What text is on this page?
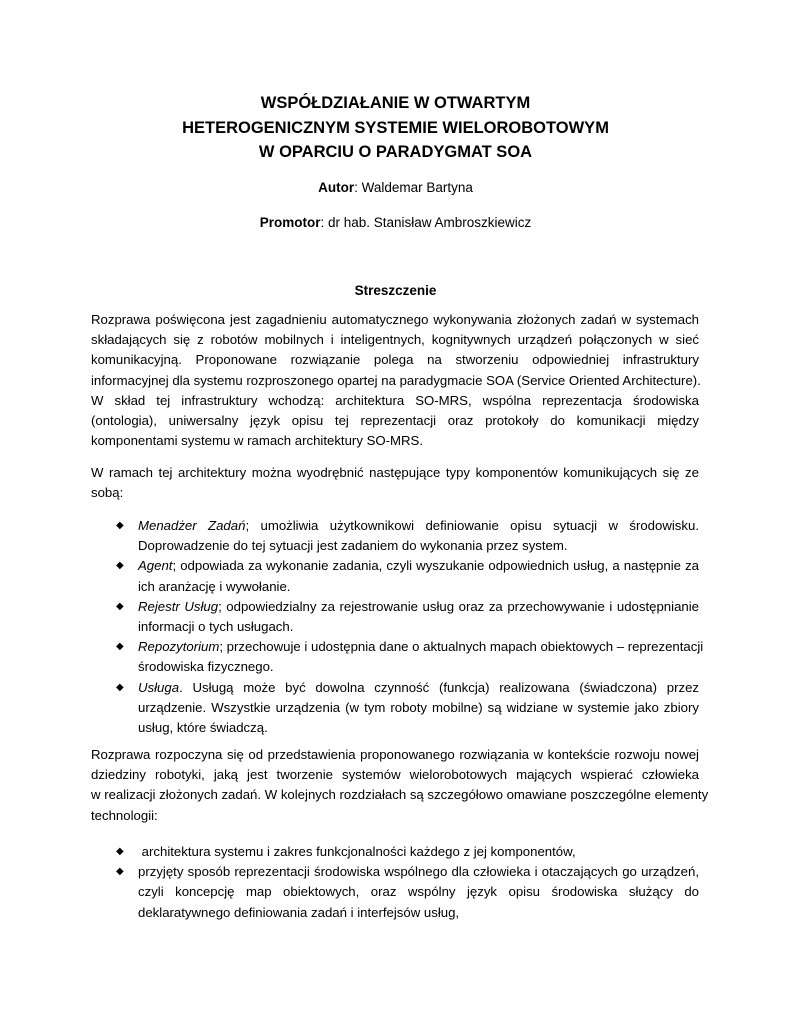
WSPÓŁDZIAŁANIE W OTWARTYM
HETEROGENICZNYM SYSTEMIE WIELOROBOTOWYM
W OPARCIU O PARADYGMAT SOA
Autor: Waldemar Bartyna
Promotor: dr hab. Stanisław Ambroszkiewicz
Streszczenie
Rozprawa poświęcona jest zagadnieniu automatycznego wykonywania złożonych zadań w systemach
składających się z robotów mobilnych i inteligentnych, kognitywnych urządzeń połączonych w sieć
komunikacyjną. Proponowane rozwiązanie polega na stworzeniu odpowiedniej infrastruktury
informacyjnej dla systemu rozproszonego opartej na paradygmacie SOA (Service Oriented Architecture).
W skład tej infrastruktury wchodzą: architektura SO-MRS, wspólna reprezentacja środowiska
(ontologia), uniwersalny język opisu tej reprezentacji oraz protokoły do komunikacji między
komponentami systemu w ramach architektury SO-MRS.
W ramach tej architektury można wyodrębnić następujące typy komponentów komunikujących się ze
sobą:
◆ Menadżer Zadań; umożliwia użytkownikowi definiowanie opisu sytuacji w środowisku.
Doprowadzenie do tej sytuacji jest zadaniem do wykonania przez system.
◆ Agent; odpowiada za wykonanie zadania, czyli wyszukanie odpowiednich usług, a następnie za
ich aranżację i wywołanie.
◆ Rejestr Usług; odpowiedzialny za rejestrowanie usług oraz za przechowywanie i udostępnianie
informacji o tych usługach.
◆ Repozytorium; przechowuje i udostępnia dane o aktualnych mapach obiektowych – reprezentacji
środowiska fizycznego.
◆ Usługa. Usługą może być dowolna czynność (funkcja) realizowana (świadczona) przez
urządzenie. Wszystkie urządzenia (w tym roboty mobilne) są widziane w systemie jako zbiory
usług, które świadczą.
Rozprawa rozpoczyna się od przedstawienia proponowanego rozwiązania w kontekście rozwoju nowej
dziedziny robotyki, jaką jest tworzenie systemów wielorobotowych mających wspierać człowieka
w realizacji złożonych zadań. W kolejnych rozdziałach są szczegółowo omawiane poszczególne elementy
technologii:
◆ architektura systemu i zakres funkcjonalności każdego z jej komponentów,
◆ przyjęty sposób reprezentacji środowiska wspólnego dla człowieka i otaczających go urządzeń,
czyli koncepcję map obiektowych, oraz wspólny język opisu środowiska służący do
deklaratywnego definiowania zadań i interfejsów usług,
